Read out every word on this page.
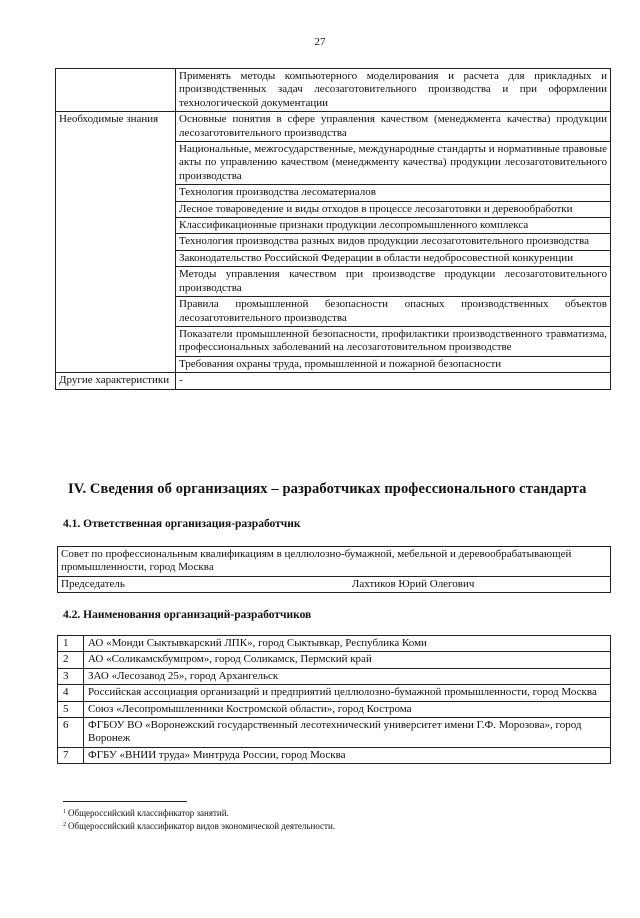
27
	Применять методы компьютерного моделирования и расчета для прикладных и производственных задач лесозаготовительного производства и при оформлении технологической документации
Необходимые знания	Основные понятия в сфере управления качеством (менеджмента качества) продукции лесозаготовительного производства
	Национальные, межгосударственные, международные стандарты и нормативные правовые акты по управлению качеством (менеджменту качества) продукции лесозаготовительного производства
	Технология производства лесоматериалов
	Лесное товароведение и виды отходов в процессе лесозаготовки и деревообработки
	Классификационные признаки продукции лесопромышленного комплекса
	Технология производства разных видов продукции лесозаготовительного производства
	Законодательство Российской Федерации в области недобросовестной конкуренции
	Методы управления качеством при производстве продукции лесозаготовительного производства
	Правила промышленной безопасности опасных производственных объектов лесозаготовительного производства
	Показатели промышленной безопасности, профилактики производственного травматизма, профессиональных заболеваний на лесозаготовительном производстве
	Требования охраны труда, промышленной и пожарной безопасности
Другие характеристики	-
IV. Сведения об организациях – разработчиках профессионального стандарта
4.1. Ответственная организация-разработчик
Совет по профессиональным квалификациям в целлюлозно-бумажной, мебельной и деревообрабатывающей промышленности, город Москва
Председатель	Лахтиков Юрий Олегович
4.2. Наименования организаций-разработчиков
1	АО «Монди Сыктывкарский ЛПК», город Сыктывкар, Республика Коми
2	АО «Соликамскбумпром», город Соликамск, Пермский край
3	ЗАО «Лесозавод 25», город Архангельск
4	Российская ассоциация организаций и предприятий целлюлозно-бумажной промышленности, город Москва
5	Союз «Лесопромышленники Костромской области», город Кострома
6	ФГБОУ ВО «Воронежский государственный лесотехнический университет имени Г.Ф. Морозова», город Воронеж
7	ФГБУ «ВНИИ труда» Минтруда России, город Москва
$^1$ Общероссийский классификатор занятий.
$^2$ Общероссийский классификатор видов экономической деятельности.
